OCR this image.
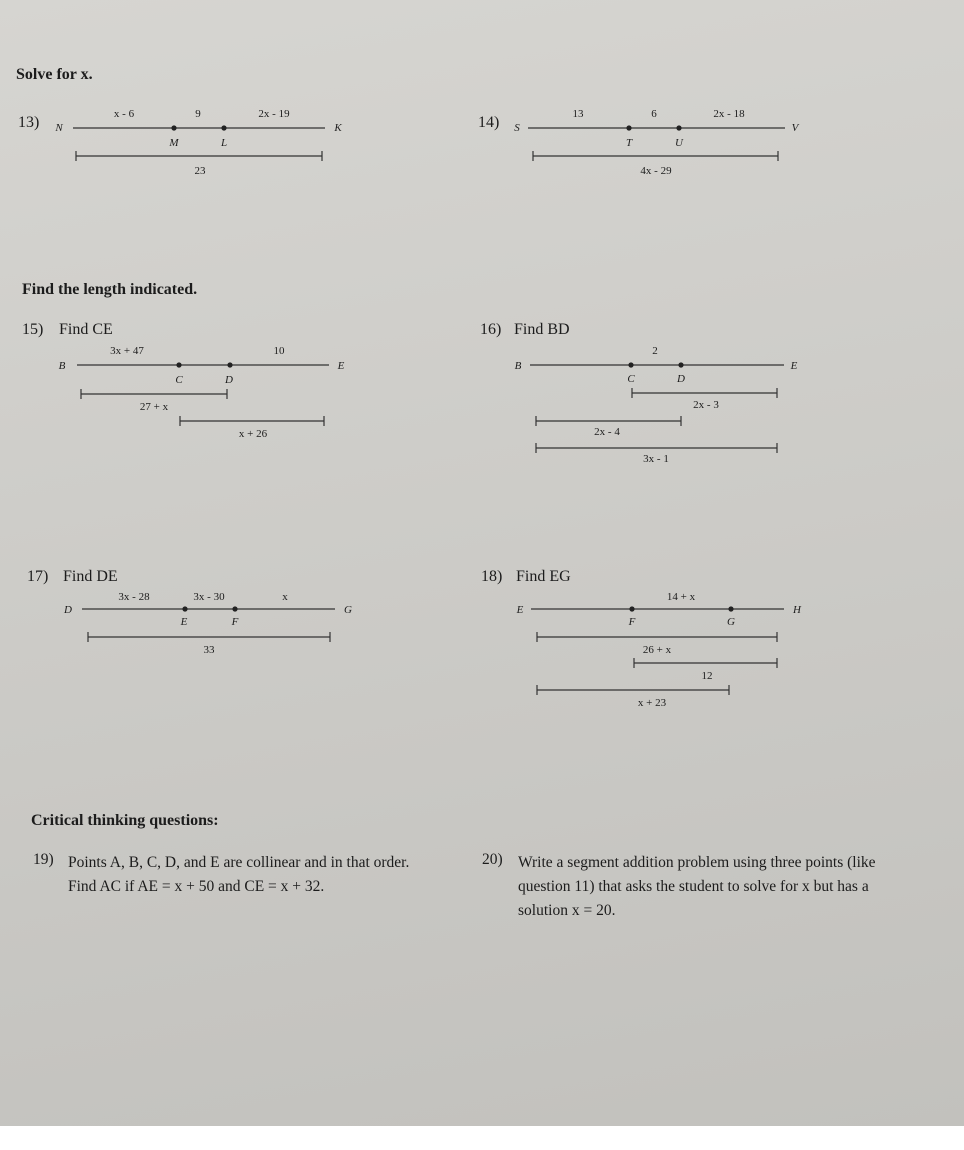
Solve for x.
Find the length indicated.
Critical thinking questions:
13) N
M	L
K
x - 6	9	2x - 19
23
14) S
T	U
V
13	6	2x - 18
4x - 29
15) Find CE
B
C	D
E
3x + 47	10
27 + x
x + 26
16) Find BD
B
C	D
E
2
2x - 3
2x - 4
3x - 1
17) Find DE
D
E	F
G
3x - 28	3x - 30	x
33
18) Find EG
E
F	G
H
14 + x
26 + x
12
x + 23
19) Points A, B, C, D, and E are collinear and in that order. Find AC if AE = x + 50 and CE = x + 32.
20) Write a segment addition problem using three points (like question 11) that asks the student to solve for x but has a solution x = 20.
